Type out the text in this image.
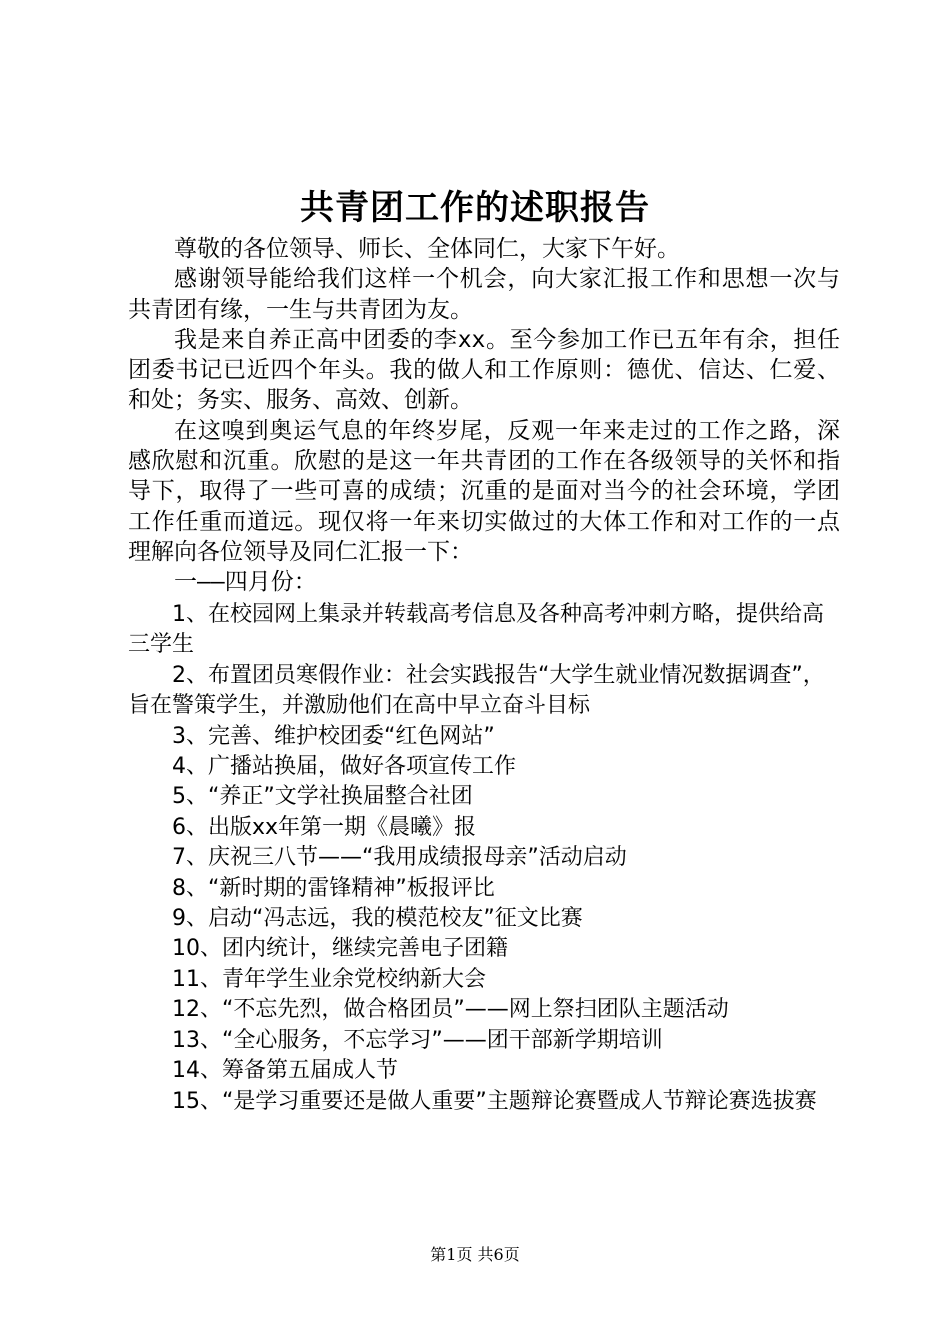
共青团工作的述职报告

尊敬的各位领导、师长、全体同仁，大家下午好。

感谢领导能给我们这样一个机会，向大家汇报工作和思想一次与共青团有缘，一生与共青团为友。

我是来自养正高中团委的李xx。至今参加工作已五年有余，担任团委书记已近四个年头。我的做人和工作原则：德优、信达、仁爱、和处；务实、服务、高效、创新。

在这嗅到奥运气息的年终岁尾，反观一年来走过的工作之路，深感欣慰和沉重。欣慰的是这一年共青团的工作在各级领导的关怀和指导下，取得了一些可喜的成绩；沉重的是面对当今的社会环境，学团工作任重而道远。现仅将一年来切实做过的大体工作和对工作的一点理解向各位领导及同仁汇报一下：

一——四月份：

1、在校园网上集录并转载高考信息及各种高考冲刺方略，提供给高三学生

2、布置团员寒假作业：社会实践报告“大学生就业情况数据调查”，旨在警策学生，并激励他们在高中早立奋斗目标

3、完善、维护校团委“红色网站”

4、广播站换届，做好各项宣传工作

5、“养正”文学社换届整合社团

6、出版xx年第一期《晨曦》报

7、庆祝三八节——“我用成绩报母亲”活动启动

8、“新时期的雷锋精神”板报评比

9、启动“冯志远，我的模范校友”征文比赛

10、团内统计，继续完善电子团籍

11、青年学生业余党校纳新大会

12、“不忘先烈，做合格团员”——网上祭扫团队主题活动

13、“全心服务，不忘学习”——团干部新学期培训

14、筹备第五届成人节

15、“是学习重要还是做人重要”主题辩论赛暨成人节辩论赛选拔赛

第1页 共6页
